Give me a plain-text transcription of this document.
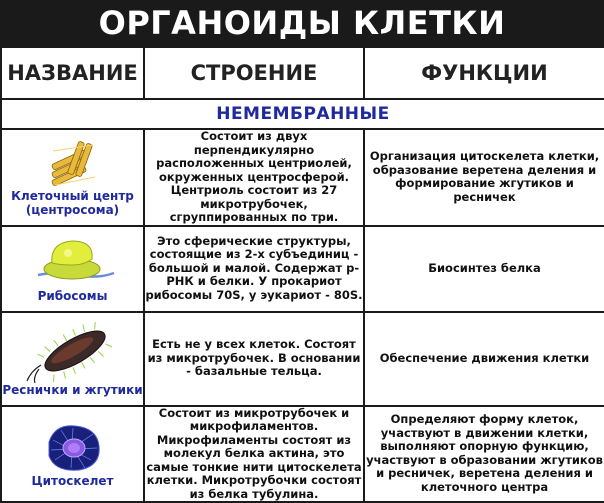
ОРГАНОИДЫ КЛЕТКИ
НАЗВАНИЕ	СТРОЕНИЕ	ФУНКЦИИ
НЕМЕМБРАННЫЕ		

Клеточный центр (центросома)	Состоит из двух перпендикулярно расположенных центриолей, окруженных центросферой. Центриоль состоит из 27 микротрубочек, сгруппированных по три.	Организация цитоскелета клетки, образование веретена деления и формирование жгутиков и ресничек

Рибосомы	Это сферические структуры, состоящие из 2-х субъединиц - большой и малой. Содержат р-РНК и белки. У прокариот рибосомы 70S, у эукариот - 80S.	Биосинтез белка

Реснички и жгутики	Есть не у всех клеток. Состоят из микротрубочек. В основании - базальные тельца.	Обеспечение движения клетки

Цитоскелет	Состоит из микротрубочек и микрофиламентов. Микрофиламенты состоят из молекул белка актина, это самые тонкие нити цитоскелета клетки. Микротрубочки состоят из белка тубулина.	Определяют форму клеток, участвуют в движении клетки, выполняют опорную функцию, участвуют в образовании жгутиков и ресничек, веретена деления и клеточного центра
